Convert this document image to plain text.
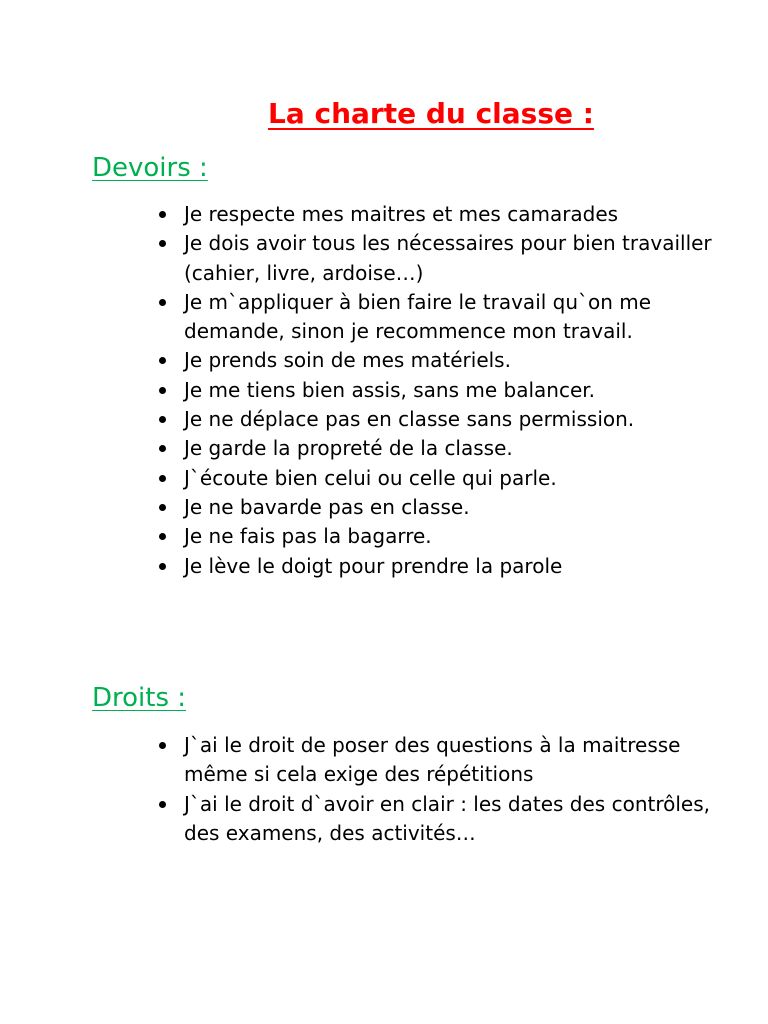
La charte du classe :
Devoirs :
Je respecte mes maitres et mes camarades
Je dois avoir tous les nécessaires pour bien travailler (cahier, livre, ardoise…)
Je m`appliquer à bien faire le travail qu`on me demande, sinon je recommence mon travail.
Je prends soin de mes matériels.
Je me tiens bien assis, sans me balancer.
Je ne déplace pas en classe sans permission.
Je garde la propreté de la classe.
J`écoute bien celui ou celle qui parle.
Je ne bavarde pas en classe.
Je ne fais pas la bagarre.
Je lève le doigt pour prendre la parole
Droits :
J`ai le droit de poser des questions à la maitresse même si cela exige des répétitions
J`ai le droit d`avoir en clair : les dates des contrôles, des examens, des activités…
